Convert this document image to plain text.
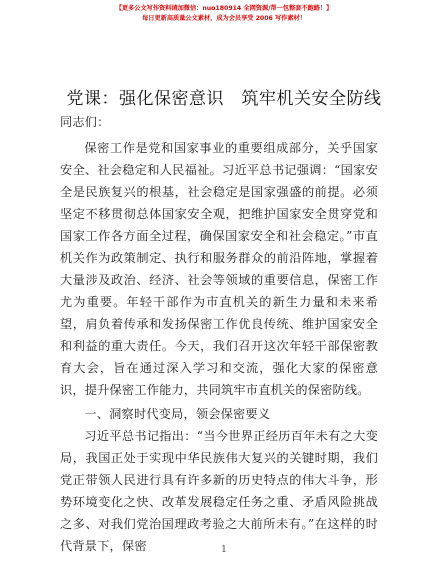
【更多公文写作资料请加微信：nuo180914 全网资源/帮一包整套不跑路！】
每日更新高质量公文素材，成为会员享受 2006 写作素材！
党课：强化保密意识　筑牢机关安全防线

同志们：

保密工作是党和国家事业的重要组成部分，关乎国家安全、社会稳定和人民福祉。习近平总书记强调：“国家安全是民族复兴的根基，社会稳定是国家强盛的前提。必须坚定不移贯彻总体国家安全观，把维护国家安全贯穿党和国家工作各方面全过程，确保国家安全和社会稳定。”市直机关作为政策制定、执行和服务群众的前沿阵地，掌握着大量涉及政治、经济、社会等领域的重要信息，保密工作尤为重要。年轻干部作为市直机关的新生力量和未来希望，肩负着传承和发扬保密工作优良传统、维护国家安全和利益的重大责任。今天，我们召开这次年轻干部保密教育大会，旨在通过深入学习和交流，强化大家的保密意识，提升保密工作能力，共同筑牢市直机关的保密防线。

一、洞察时代变局，领会保密要义

习近平总书记指出：“当今世界正经历百年未有之大变局，我国正处于实现中华民族伟大复兴的关键时期，我们党正带领人民进行具有许多新的历史特点的伟大斗争，形势环境变化之快、改革发展稳定任务之重、矛盾风险挑战之多、对我们党治国理政考验之大前所未有。”在这样的时代背景下，保密	1
